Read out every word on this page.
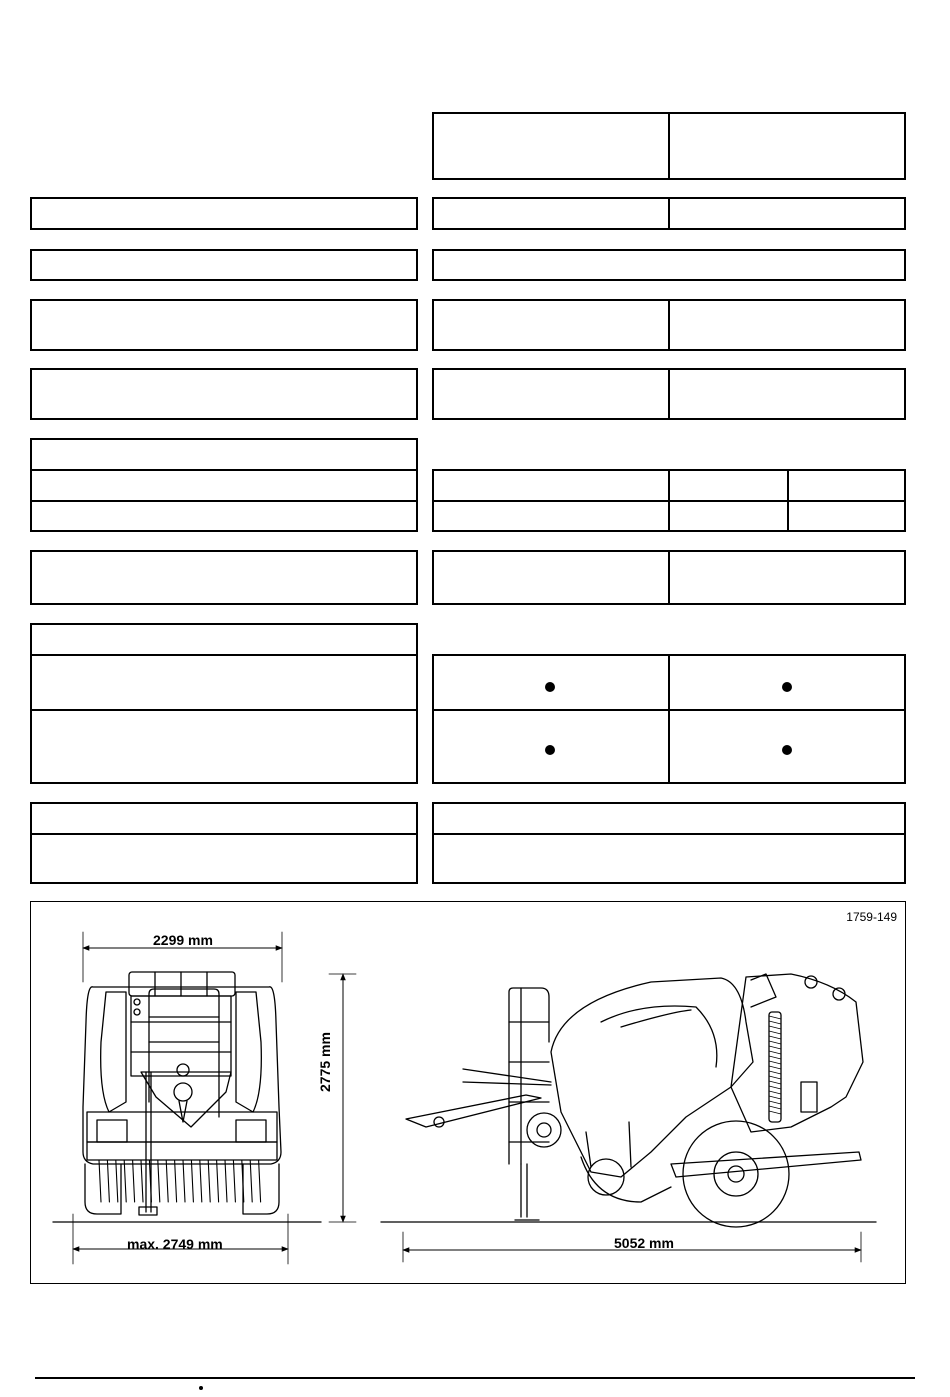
1759-149
2299 mm
max. 2749 mm
2775 mm
5052 mm
